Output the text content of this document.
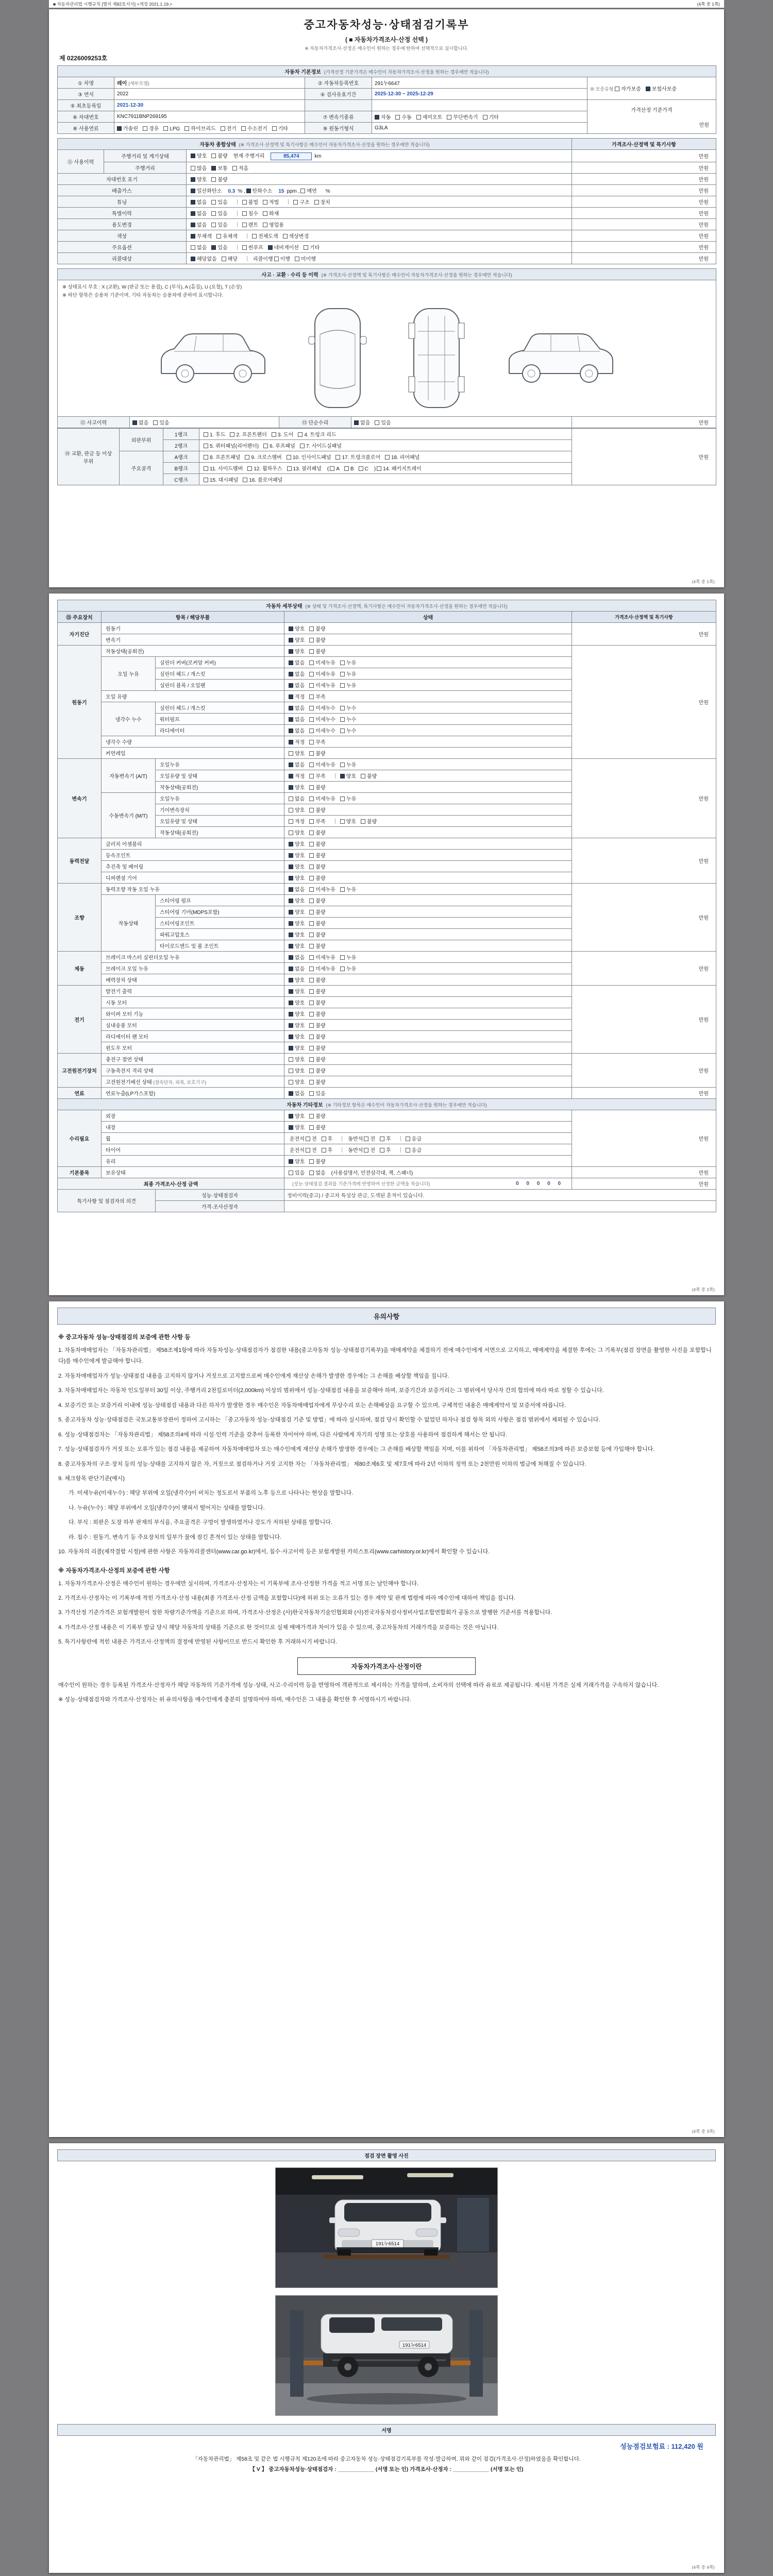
■ 자동차관리법 시행규칙 [별지 제82호서식] <개정 2021.1.19.>	(4쪽 중 1쪽)
중고자동차성능·상태점검기록부
( ■ 자동차가격조사·산정 선택 )
※ 자동차가격조사·산정은 매수인이 원하는 경우에 한하여 선택적으로 실시합니다.
제 0226009253호
자동차 기본정보 (가격산정 기준가격은 매수인이 자동차가격조사·산정을 원하는 경우에만 적습니다)				
① 차명	레이 (세부모델)	② 자동차등록번호	291누6647	⑩ 보증유형 자가보증 보험사보증
③ 연식	2022	④ 검사유효기간	2025-12-30 ~ 2025-12-29	
⑤ 최초등록일	2021-12-30			가격산정 기준가격
만원

⑥ 차대번호	KNC7911BNP269195	⑦ 변속기종류	자동 수동 세미오토 무단변속기 기타	
⑧ 사용연료	가솔린 경유 LPG 하이브리드 전기 수소전기 기타	⑨ 원동기형식	G3LA	
자동차 종합상태 (※ 가격조사·산정액 및 특기사항은 매수인이 자동차가격조사·산정을 원하는 경우에만 적습니다)			가격조사·산정액 및 특기사항
⑪ 사용이력	주행거리 및 계기상태	양호 불량 현재 주행거리 85,474 km	만원
	주행거리	많음 보통 적음	만원
차대번호 표기		양호 불량	만원
배출가스		일산화탄소 0.3 % , 탄화수소 15 ppm , 매연 %	만원
튜닝		없음 있음 불법 적법 구조 장치	만원
특별이력		없음 있음 침수 화재	만원
용도변경		없음 있음 렌트 영업용	만원
색상		무채색 유채색 전체도색 색상변경	만원
주요옵션		없음 있음 썬루프 네비게이션 기타	만원
리콜대상		해당없음 해당 리콜이행 이행 미이행	만원
사고 · 교환 · 수리 등 이력 (※ 가격조사·산정액 및 특기사항은 매수인이 자동차가격조사·산정을 원하는 경우에만 적습니다)

※ 상태표시 부호 : X (교환), W (판금 또는 용접), C (부식), A (흠집), U (요철), T (손상)
※ 하단 항목은 승용차 기준이며, 기타 자동차는 승용차에 준하여 표시합니다.

⑫ 사고이력	없음 있음	⑬ 단순수리	없음 있음	만원
⑭ 교환, 판금 등 이상 부위	외판부위	1랭크	1. 후드 2. 프론트펜더 3. 도어 4. 트렁크 리드	만원
		2랭크	5. 쿼터패널(리어펜더) 6. 루프패널 7. 사이드실패널	
	주요골격	A랭크	8. 프론트패널 9. 크로스멤버 10. 인사이드패널 17. 트렁크플로어 18. 리어패널	
		B랭크	11. 사이드멤버 12. 휠하우스 13. 필러패널 ( A B C ) 14. 패키지트레이	
		C랭크	15. 대시패널 16. 플로어패널	
(4쪽 중 1쪽)
자동차 세부상태 (※ 상태 및 가격조사·산정액, 특기사항은 매수인이 자동차가격조사·산정을 원하는 경우에만 적습니다)				
⑮ 주요장치	항목 / 해당부품		상태	가격조사·산정액 및 특기사항
자기진단	원동기		양호 불량	만원
	변속기		양호 불량	
원동기	작동상태(공회전)		양호 불량	만원
	오일 누유	실린더 커버(로커암 커버)	없음 미세누유 누유	
		실린더 헤드 / 개스킷	없음 미세누유 누유	
		실린더 블록 / 오일팬	없음 미세누유 누유	
	오일 유량		적정 부족	
	냉각수 누수	실린더 헤드 / 개스킷	없음 미세누수 누수	
		워터펌프	없음 미세누수 누수	
		라디에이터	없음 미세누수 누수	
	냉각수 수량		적정 부족	
	커먼레일		양호 불량	
변속기	자동변속기 (A/T)	오일누유	없음 미세누유 누유	만원
		오일유량 및 상태	적정 부족 양호 불량	
		작동상태(공회전)	양호 불량	
	수동변속기 (M/T)	오일누유	없음 미세누유 누유	
		기어변속장치	양호 불량	
		오일유량 및 상태	적정 부족 양호 불량	
		작동상태(공회전)	양호 불량	
동력전달	클러치 어셈블리		양호 불량	만원
	등속조인트		양호 불량	
	추진축 및 베어링		양호 불량	
	디퍼렌셜 기어		양호 불량	
조향	동력조향 작동 오일 누유		없음 미세누유 누유	만원
	작동상태	스티어링 펌프	양호 불량	
		스티어링 기어(MDPS포함)	양호 불량	
		스티어링조인트	양호 불량	
		파워고압호스	양호 불량	
		타이로드엔드 및 볼 조인트	양호 불량	
제동	브레이크 마스터 실린더오일 누유		없음 미세누유 누유	만원
	브레이크 오일 누유		없음 미세누유 누유	
	배력장치 상태		양호 불량	
전기	발전기 출력		양호 불량	만원
	시동 모터		양호 불량	
	와이퍼 모터 기능		양호 불량	
	실내송풍 모터		양호 불량	
	라디에이터 팬 모터		양호 불량	
	윈도우 모터		양호 불량	
고전원전기장치	충전구 절연 상태		양호 불량	만원
	구동축전지 격리 상태		양호 불량	
	고전원전기배선 상태 (접속단자, 피복, 보호기구)		양호 불량	
연료	연료누출(LP가스포함)		없음 있음	만원
자동차 기타정보 (※ 기타정보 항목은 매수인이 자동차가격조사·산정을 원하는 경우에만 적습니다)				
수리필요	외장		양호 불량	만원
	내장		양호 불량	
	휠		운전석 전 후 동반석 전 후 응급	
	타이어		운전석 전 후 동반석 전 후 응급	
	유리		양호 불량	
기본품목	보유상태		있음 없음 (사용설명서, 안전삼각대, 잭, 스패너)	만원
최종 가격조사·산정 금액			(성능·상태점검 결과를 기준가격에 반영하여 산정한 금액을 적습니다) 0 0 0 0 0	만원
특기사항 및 점검자의 의견		성능·상태점검자	정비이력(중고) / 중고차 특성상 판금, 도색된 흔적이 있습니다.	
		가격·조사산정자		
(4쪽 중 2쪽)
유의사항
※ 중고자동차 성능·상태점검의 보증에 관한 사항 등
1. 자동차매매업자는 「자동차관리법」 제58조제1항에 따라 자동차성능·상태점검자가 점검한 내용(중고자동차 성능·상태점검기록부)을 매매계약을 체결하기 전에 매수인에게 서면으로 고지하고, 매매계약을 체결한 후에는 그 기록부(점검 장면을 촬영한 사진을 포함합니다)를 매수인에게 발급해야 합니다.
2. 자동차매매업자가 성능·상태점검 내용을 고지하지 않거나 거짓으로 고지함으로써 매수인에게 재산상 손해가 발생한 경우에는 그 손해를 배상할 책임을 집니다.
3. 자동차매매업자는 자동차 인도일부터 30일 이상, 주행거리 2천킬로미터(2,000km) 이상의 범위에서 성능·상태점검 내용을 보증해야 하며, 보증기간과 보증거리는 그 범위에서 당사자 간의 합의에 따라 따로 정할 수 있습니다.
4. 보증기간 또는 보증거리 이내에 성능·상태점검 내용과 다른 하자가 발생한 경우 매수인은 자동차매매업자에게 무상수리 또는 손해배상을 요구할 수 있으며, 구체적인 내용은 매매계약서 및 보증서에 따릅니다.
5. 중고자동차 성능·상태점검은 국토교통부장관이 정하여 고시하는 「중고자동차 성능·상태점검 기준 및 방법」에 따라 실시하며, 점검 당시 확인할 수 없었던 하자나 점검 항목 외의 사항은 점검 범위에서 제외될 수 있습니다.
6. 성능·상태점검자는 「자동차관리법」 제58조의4에 따라 시설·인력 기준을 갖추어 등록한 자이어야 하며, 다른 사람에게 자기의 성명 또는 상호를 사용하여 점검하게 해서는 안 됩니다.
7. 성능·상태점검자가 거짓 또는 오류가 있는 점검 내용을 제공하여 자동차매매업자 또는 매수인에게 재산상 손해가 발생한 경우에는 그 손해를 배상할 책임을 지며, 이를 위하여 「자동차관리법」 제58조의3에 따른 보증보험 등에 가입해야 합니다.
8. 중고자동차의 구조·장치 등의 성능·상태를 고지하지 않은 자, 거짓으로 점검하거나 거짓 고지한 자는 「자동차관리법」 제80조제6호 및 제7호에 따라 2년 이하의 징역 또는 2천만원 이하의 벌금에 처해질 수 있습니다.
9. 체크항목 판단기준(예시)
가. 미세누유(미세누수) : 해당 부위에 오일(냉각수)이 비치는 정도로서 부품의 노후 등으로 나타나는 현상을 말합니다.
나. 누유(누수) : 해당 부위에서 오일(냉각수)이 맺혀서 떨어지는 상태를 말합니다.
다. 부식 : 외판은 도장 하부 판재의 부식을, 주요골격은 구멍이 발생하였거나 강도가 저하된 상태를 말합니다.
라. 침수 : 원동기, 변속기 등 주요장치의 일부가 물에 잠긴 흔적이 있는 상태를 말합니다.
10. 자동차의 리콜(제작결함 시정)에 관한 사항은 자동차리콜센터(www.car.go.kr)에서, 침수·사고이력 등은 보험개발원 카히스토리(www.carhistory.or.kr)에서 확인할 수 있습니다.
※ 자동차가격조사·산정의 보증에 관한 사항
1. 자동차가격조사·산정은 매수인이 원하는 경우에만 실시하며, 가격조사·산정자는 이 기록부에 조사·산정한 가격을 적고 서명 또는 날인해야 합니다.
2. 가격조사·산정자는 이 기록부에 적힌 가격조사·산정 내용(최종 가격조사·산정 금액을 포함합니다)에 허위 또는 오류가 있는 경우 계약 및 관계 법령에 따라 매수인에 대하여 책임을 집니다.
3. 가격산정 기준가격은 보험개발원이 정한 차량기준가액을 기준으로 하며, 가격조사·산정은 (사)한국자동차기술인협회와 (사)전국자동차검사정비사업조합연합회가 공동으로 발행한 기준서를 적용합니다.
4. 가격조사·산정 내용은 이 기록부 발급 당시 해당 자동차의 상태를 기준으로 한 것이므로 실제 매매가격과 차이가 있을 수 있으며, 중고자동차의 거래가격을 보증하는 것은 아닙니다.
5. 특기사항란에 적힌 내용은 가격조사·산정액의 결정에 반영된 사항이므로 반드시 확인한 후 거래하시기 바랍니다.
자동차가격조사·산정이란
매수인이 원하는 경우 등록된 가격조사·산정자가 해당 자동차의 기준가격에 성능·상태, 사고·수리이력 등을 반영하여 객관적으로 제시하는 가격을 말하며, 소비자의 선택에 따라 유료로 제공됩니다. 제시된 가격은 실제 거래가격을 구속하지 않습니다.
※ 성능·상태점검자와 가격조사·산정자는 위 유의사항을 매수인에게 충분히 설명하여야 하며, 매수인은 그 내용을 확인한 후 서명하시기 바랍니다.
(4쪽 중 3쪽)
점검 장면 촬영 사진
191누6514
191누6514
서명
성능점검보험료 : 112,420 원
「자동차관리법」 제58조 및 같은 법 시행규칙 제120조에 따라 중고자동차 성능·상태점검기록부를 작성·발급하며, 위와 같이 점검(가격조사·산정)하였음을 확인합니다.
【 V 】 중고자동차성능·상태점검자 : ____________ (서명 또는 인) 가격조사·산정자 : ____________ (서명 또는 인)
(4쪽 중 4쪽)
